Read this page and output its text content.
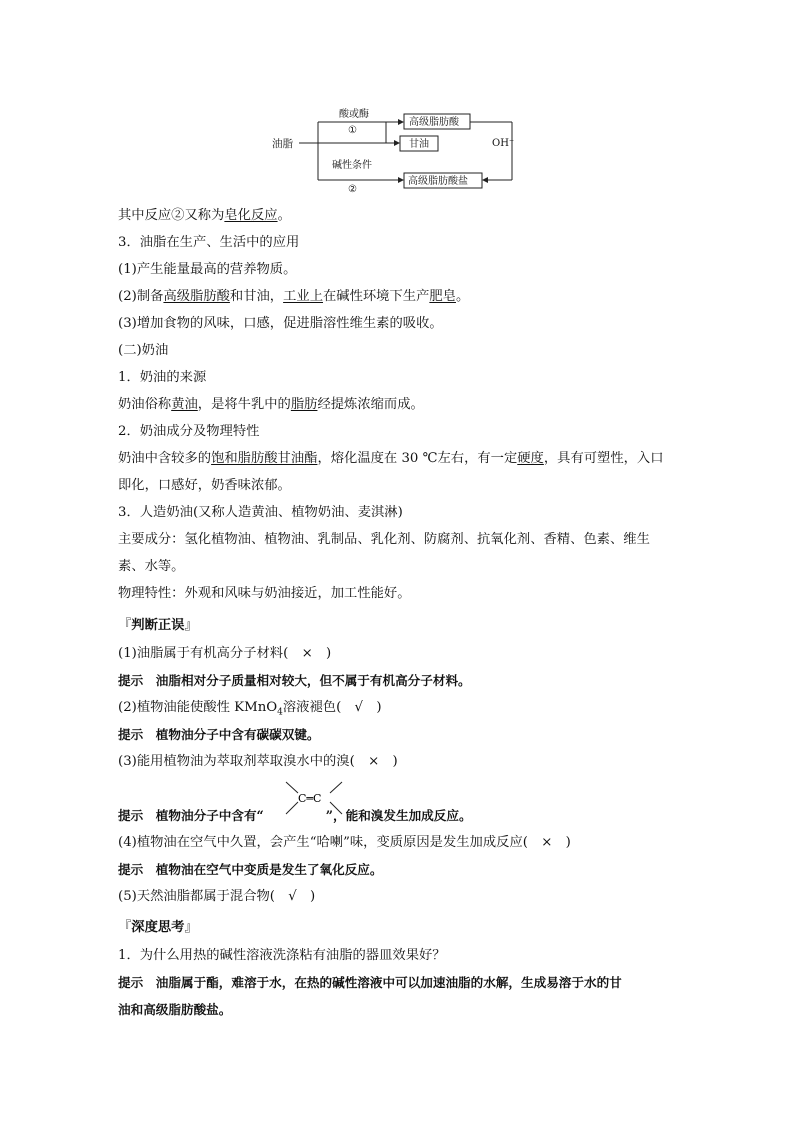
油脂
酸或酶
①
碱性条件
②
高级脂肪酸
甘油
高级脂肪酸盐
OH⁻
其中反应②又称为皂化反应。
3．油脂在生产、生活中的应用
(1)产生能量最高的营养物质。
(2)制备高级脂肪酸和甘油，工业上在碱性环境下生产肥皂。
(3)增加食物的风味，口感，促进脂溶性维生素的吸收。
(二)奶油
1．奶油的来源
奶油俗称黄油，是将牛乳中的脂肪经提炼浓缩而成。
2．奶油成分及物理特性
奶油中含较多的饱和脂肪酸甘油酯，熔化温度在 30 ℃左右，有一定硬度，具有可塑性，入口
即化，口感好，奶香味浓郁。
3．人造奶油(又称人造黄油、植物奶油、麦淇淋)
主要成分：氢化植物油、植物油、乳制品、乳化剂、防腐剂、抗氧化剂、香精、色素、维生
素、水等。
物理特性：外观和风味与奶油接近，加工性能好。
『判断正误』
(1)油脂属于有机高分子材料(　×　)
提示　油脂相对分子质量相对较大，但不属于有机高分子材料。
(2)植物油能使酸性 KMnO$_4$溶液褪色(　√　)
提示　植物油分子中含有碳碳双键。
(3)能用植物油为萃取剂萃取溴水中的溴(　×　)
C═C
提示　植物油分子中含有“	”，能和溴发生加成反应。
(4)植物油在空气中久置，会产生“哈喇”味，变质原因是发生加成反应(　×　)
提示　植物油在空气中变质是发生了氧化反应。
(5)天然油脂都属于混合物(　√　)
『深度思考』
1．为什么用热的碱性溶液洗涤粘有油脂的器皿效果好？
提示　油脂属于酯，难溶于水，在热的碱性溶液中可以加速油脂的水解，生成易溶于水的甘
油和高级脂肪酸盐。
